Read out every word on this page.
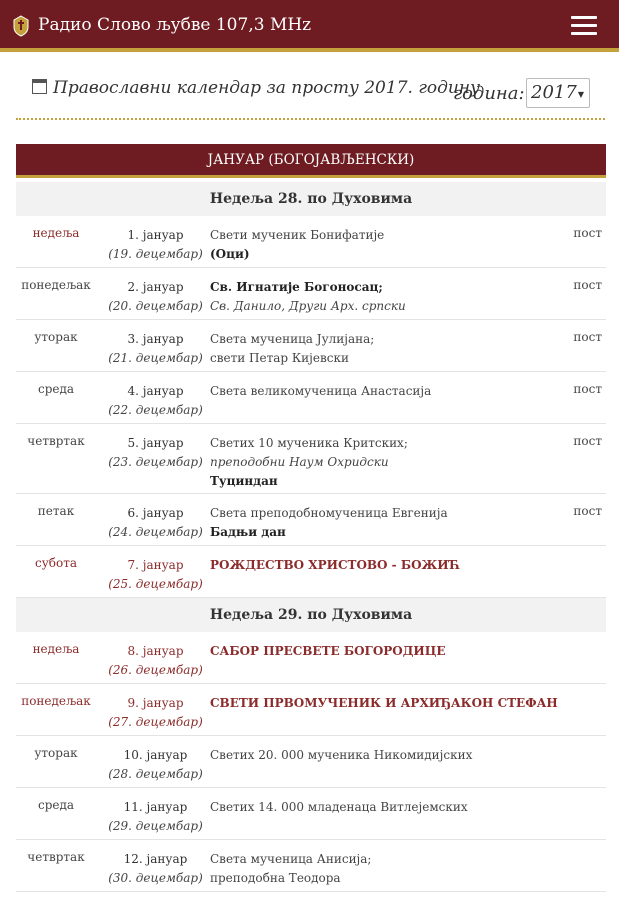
Радио Слово љубве 107,3 MHz
Православни календар за просту 2017. годину
година: 2017 ▼
ЈАНУАР (БОГОЈАВЉЕНСКИ)
Недеља 28. по Духовима
недеља	1. јануар
(19. децембар)
Свети мученик Бонифатије
(Оци)
пост
понедељак	2. јануар
(20. децембар)
Св. Игнатије Богоносац;
Св. Данило, Други Арх. српски
пост
уторак	3. јануар
(21. децембар)
Света мученица Јулијана;
свети Петар Кијевски
пост
среда	4. јануар
(22. децембар)
Света великомученица Анастасија	пост
четвртак	5. јануар
(23. децембар)
Светих 10 мученика Критских;
преподобни Наум Охридски
Туциндан
пост
петак	6. јануар
(24. децембар)
Света преподобномученица Евгенија
Бадњи дан
пост
субота	7. јануар
(25. децембар)
РОЖДЕСТВО ХРИСТОВО - БОЖИЋ
Недеља 29. по Духовима
недеља	8. јануар
(26. децембар)
САБОР ПРЕСВЕТЕ БОГОРОДИЦЕ
понедељак	9. јануар
(27. децембар)
СВЕТИ ПРВОМУЧЕНИК И АРХИЂАКОН СТЕФАН
уторак	10. јануар
(28. децембар)
Светих 20. 000 мученика Никомидијских
среда	11. јануар
(29. децембар)
Светих 14. 000 младенаца Витлејемских
четвртак	12. јануар
(30. децембар)
Света мученица Анисија;
преподобна Теодора
